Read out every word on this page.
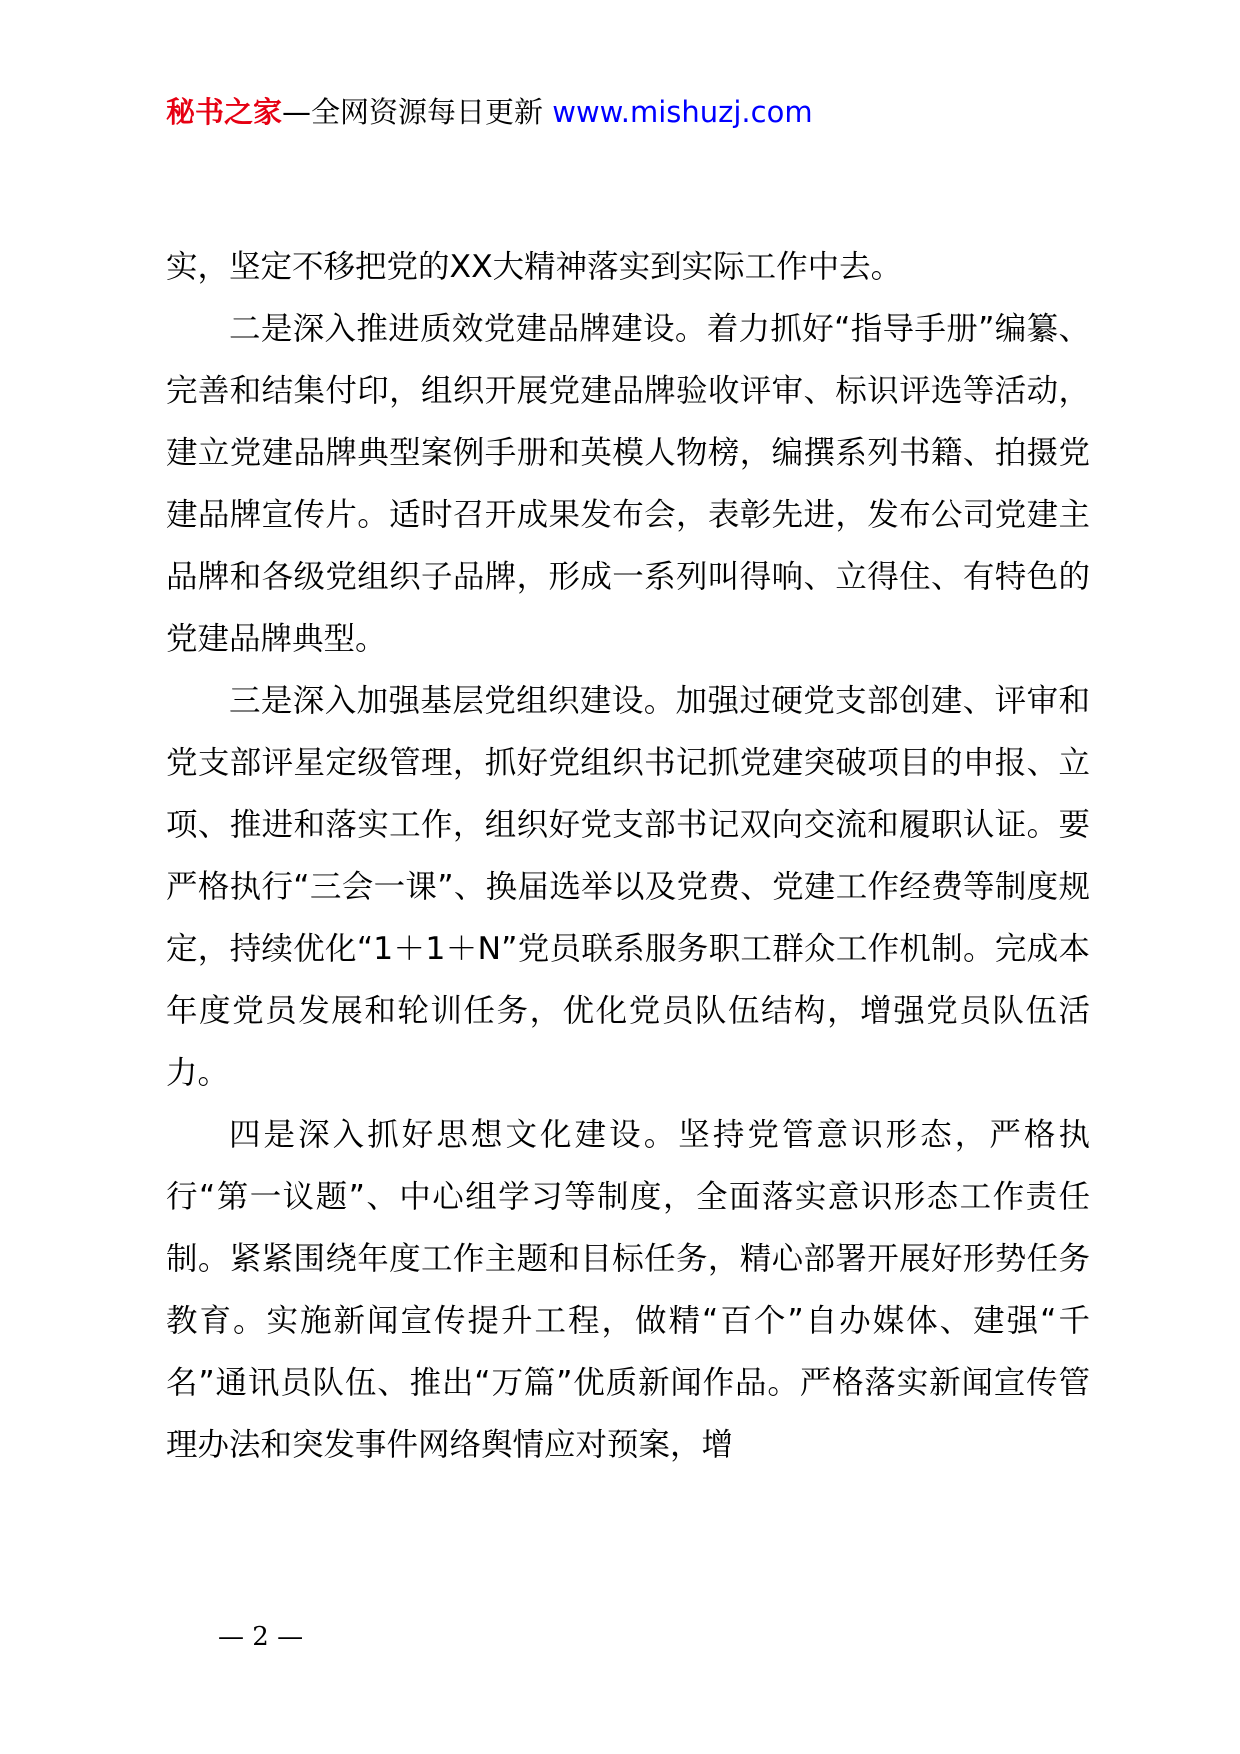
秘书之家—全网资源每日更新 www.mishuzj.com

实，坚定不移把党的XX大精神落实到实际工作中去。

二是深入推进质效党建品牌建设。着力抓好“指导手册”编纂、完善和结集付印，组织开展党建品牌验收评审、标识评选等活动，建立党建品牌典型案例手册和英模人物榜，编撰系列书籍、拍摄党建品牌宣传片。适时召开成果发布会，表彰先进，发布公司党建主品牌和各级党组织子品牌，形成一系列叫得响、立得住、有特色的党建品牌典型。

三是深入加强基层党组织建设。加强过硬党支部创建、评审和党支部评星定级管理，抓好党组织书记抓党建突破项目的申报、立项、推进和落实工作，组织好党支部书记双向交流和履职认证。要严格执行“三会一课”、换届选举以及党费、党建工作经费等制度规定，持续优化“1＋1＋N”党员联系服务职工群众工作机制。完成本年度党员发展和轮训任务，优化党员队伍结构，增强党员队伍活力。

四是深入抓好思想文化建设。坚持党管意识形态，严格执行“第一议题”、中心组学习等制度，全面落实意识形态工作责任制。紧紧围绕年度工作主题和目标任务，精心部署开展好形势任务教育。实施新闻宣传提升工程，做精“百个”自办媒体、建强“千名”通讯员队伍、推出“万篇”优质新闻作品。严格落实新闻宣传管理办法和突发事件网络舆情应对预案，增

— 2 —
